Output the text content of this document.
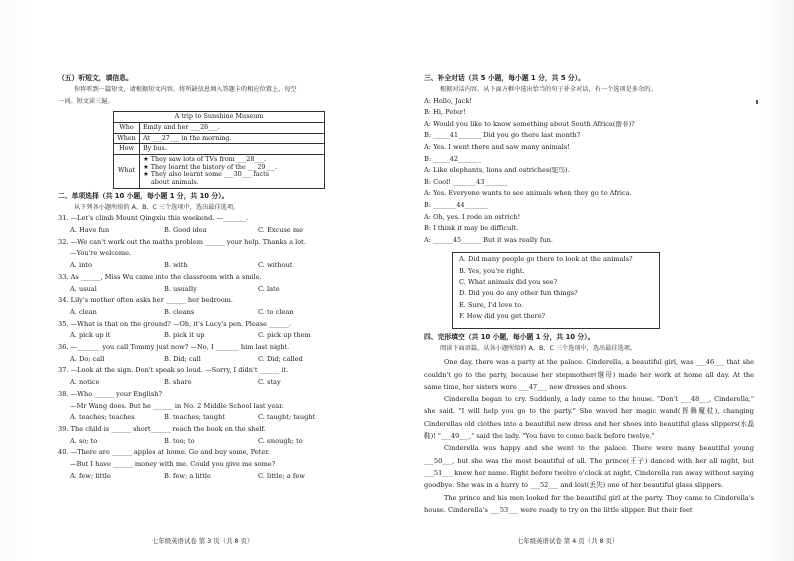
（五）听短文，填信息。
你将听到一篇短文，请根据短文内容，将所缺信息填入答题卡的相应位置上，每空
一词。短文读三遍。
A trip to Sunshine Museum	
Who	Emily and her ___26___.
When	At ___27___ in the morning.
How	By bus.
What	★ They saw lots of TVs from ___28___.
★ They learnt the history of the ___29___.
★ They also learnt some ___30___ facts
about animals.
二、单项选择（共 10 小题，每小题 1 分，共 10 分）。
从下列各小题所给的 A、B、C 三个选项中，选出最佳选项。
31. —Let's climb Mount Qingxiu this weekend. —_______.
A. Have fun	B. Good idea	C. Excuse me
32. —We can't work out the maths problem ______ your help. Thanks a lot.
—You're welcome.
A. into	B. with	C. without
33. As ______, Miss Wu came into the classroom with a smile.
A. usual	B. usually	C. late
34. Lily's mother often asks her ______ her bedroom.
A. clean	B. cleans	C. to clean
35. —What is that on the ground? —Oh, it's Lucy's pen. Please ______.
A. pick up it	B. pick it up	C. pick up them
36. —_______ you call Tommy just now? —No, I _______ him last night.
A. Do; call	B. Did; call	C. Did; called
37. —Look at the sign. Don't speak so loud. —Sorry, I didn't ______ it.
A. notice	B. share	C. stay
38. —Who ______ your English?
—Mr Wang does. But he ______ in No. 2 Middle School last year.
A. teaches; teaches	B. teaches; taught	C. taught; taught
39. The child is ______ short______ reach the book on the shelf.
A. so; to	B. too; to	C. enough; to
40. —There are ______ apples at home. Go and buy some, Peter.
—But I have ______ money with me. Could you give me some?
A. few; little	B. few; a little	C. little; a few
七年级英语试卷 第 3 页（共 8 页）
三、补全对话（共 5 小题，每小题 1 分，共 5 分）。
根据对话内容，从下面方框中选出恰当的句子补全对话，有一个选项是多余的。
A: Hello, Jack!
B: Hi, Peter!
A: Would you like to know something about South Africa(南非)?
B: _____41_______ Did you go there last month?
A: Yes. I went there and saw many animals!
B: _____42_______
A: Like elephants, lions and ostriches(鸵鸟).
B: Cool! _______43_______
A: Yes. Everyone wants to see animals when they go to Africa.
B: _______44_______
A: Oh, yes. I rode an ostrich!
B: I think it may be difficult.
A: ______45______ But it was really fun.
A. Did many people go there to look at the animals?
B. Yes, you're right.
C. What animals did you see?
D. Did you do any other fun things?
E. Sure, I'd love to.
F. How did you get there?
四、完形填空（共 10 小题，每小题 1 分，共 10 分）。
阅读下面语篇，从各小题所给的 A、B、C 三个选项中，选出最佳选项。
One day, there was a party at the palace. Cinderella, a beautiful girl, was ___46___ that she couldn't go to the party, because her stepmother(继母) made her work at home all day. At the same time, her sisters were ___47___ new dresses and shoes.
Cinderella began to cry. Suddenly, a lady came to the house. "Don't ___48___, Cinderella," she said. "I will help you go to the party." She waved her magic wand(挥舞魔杖), changing Cinderellas old clothes into a beautiful new dress and her shoes into beautiful glass slippers(水晶鞋)! "___49___," said the lady. "You have to come back before twelve."
Cinderella was happy and she went to the palace. There were many beautiful young ___50___, but she was the most beautiful of all. The prince(王子) danced with her all night, but ___51___ knew her name. Right before twelve o'clock at night, Cinderella ran away without saying goodbye. She was in a hurry to ___52___ and lost(丢失) one of her beautiful glass slippers.
The prince and his men looked for the beautiful girl at the party. They came to Cinderella's house. Cinderella's ___53___ were ready to try on the little slipper. But their feet
七年级英语试卷 第 4 页（共 8 页）
